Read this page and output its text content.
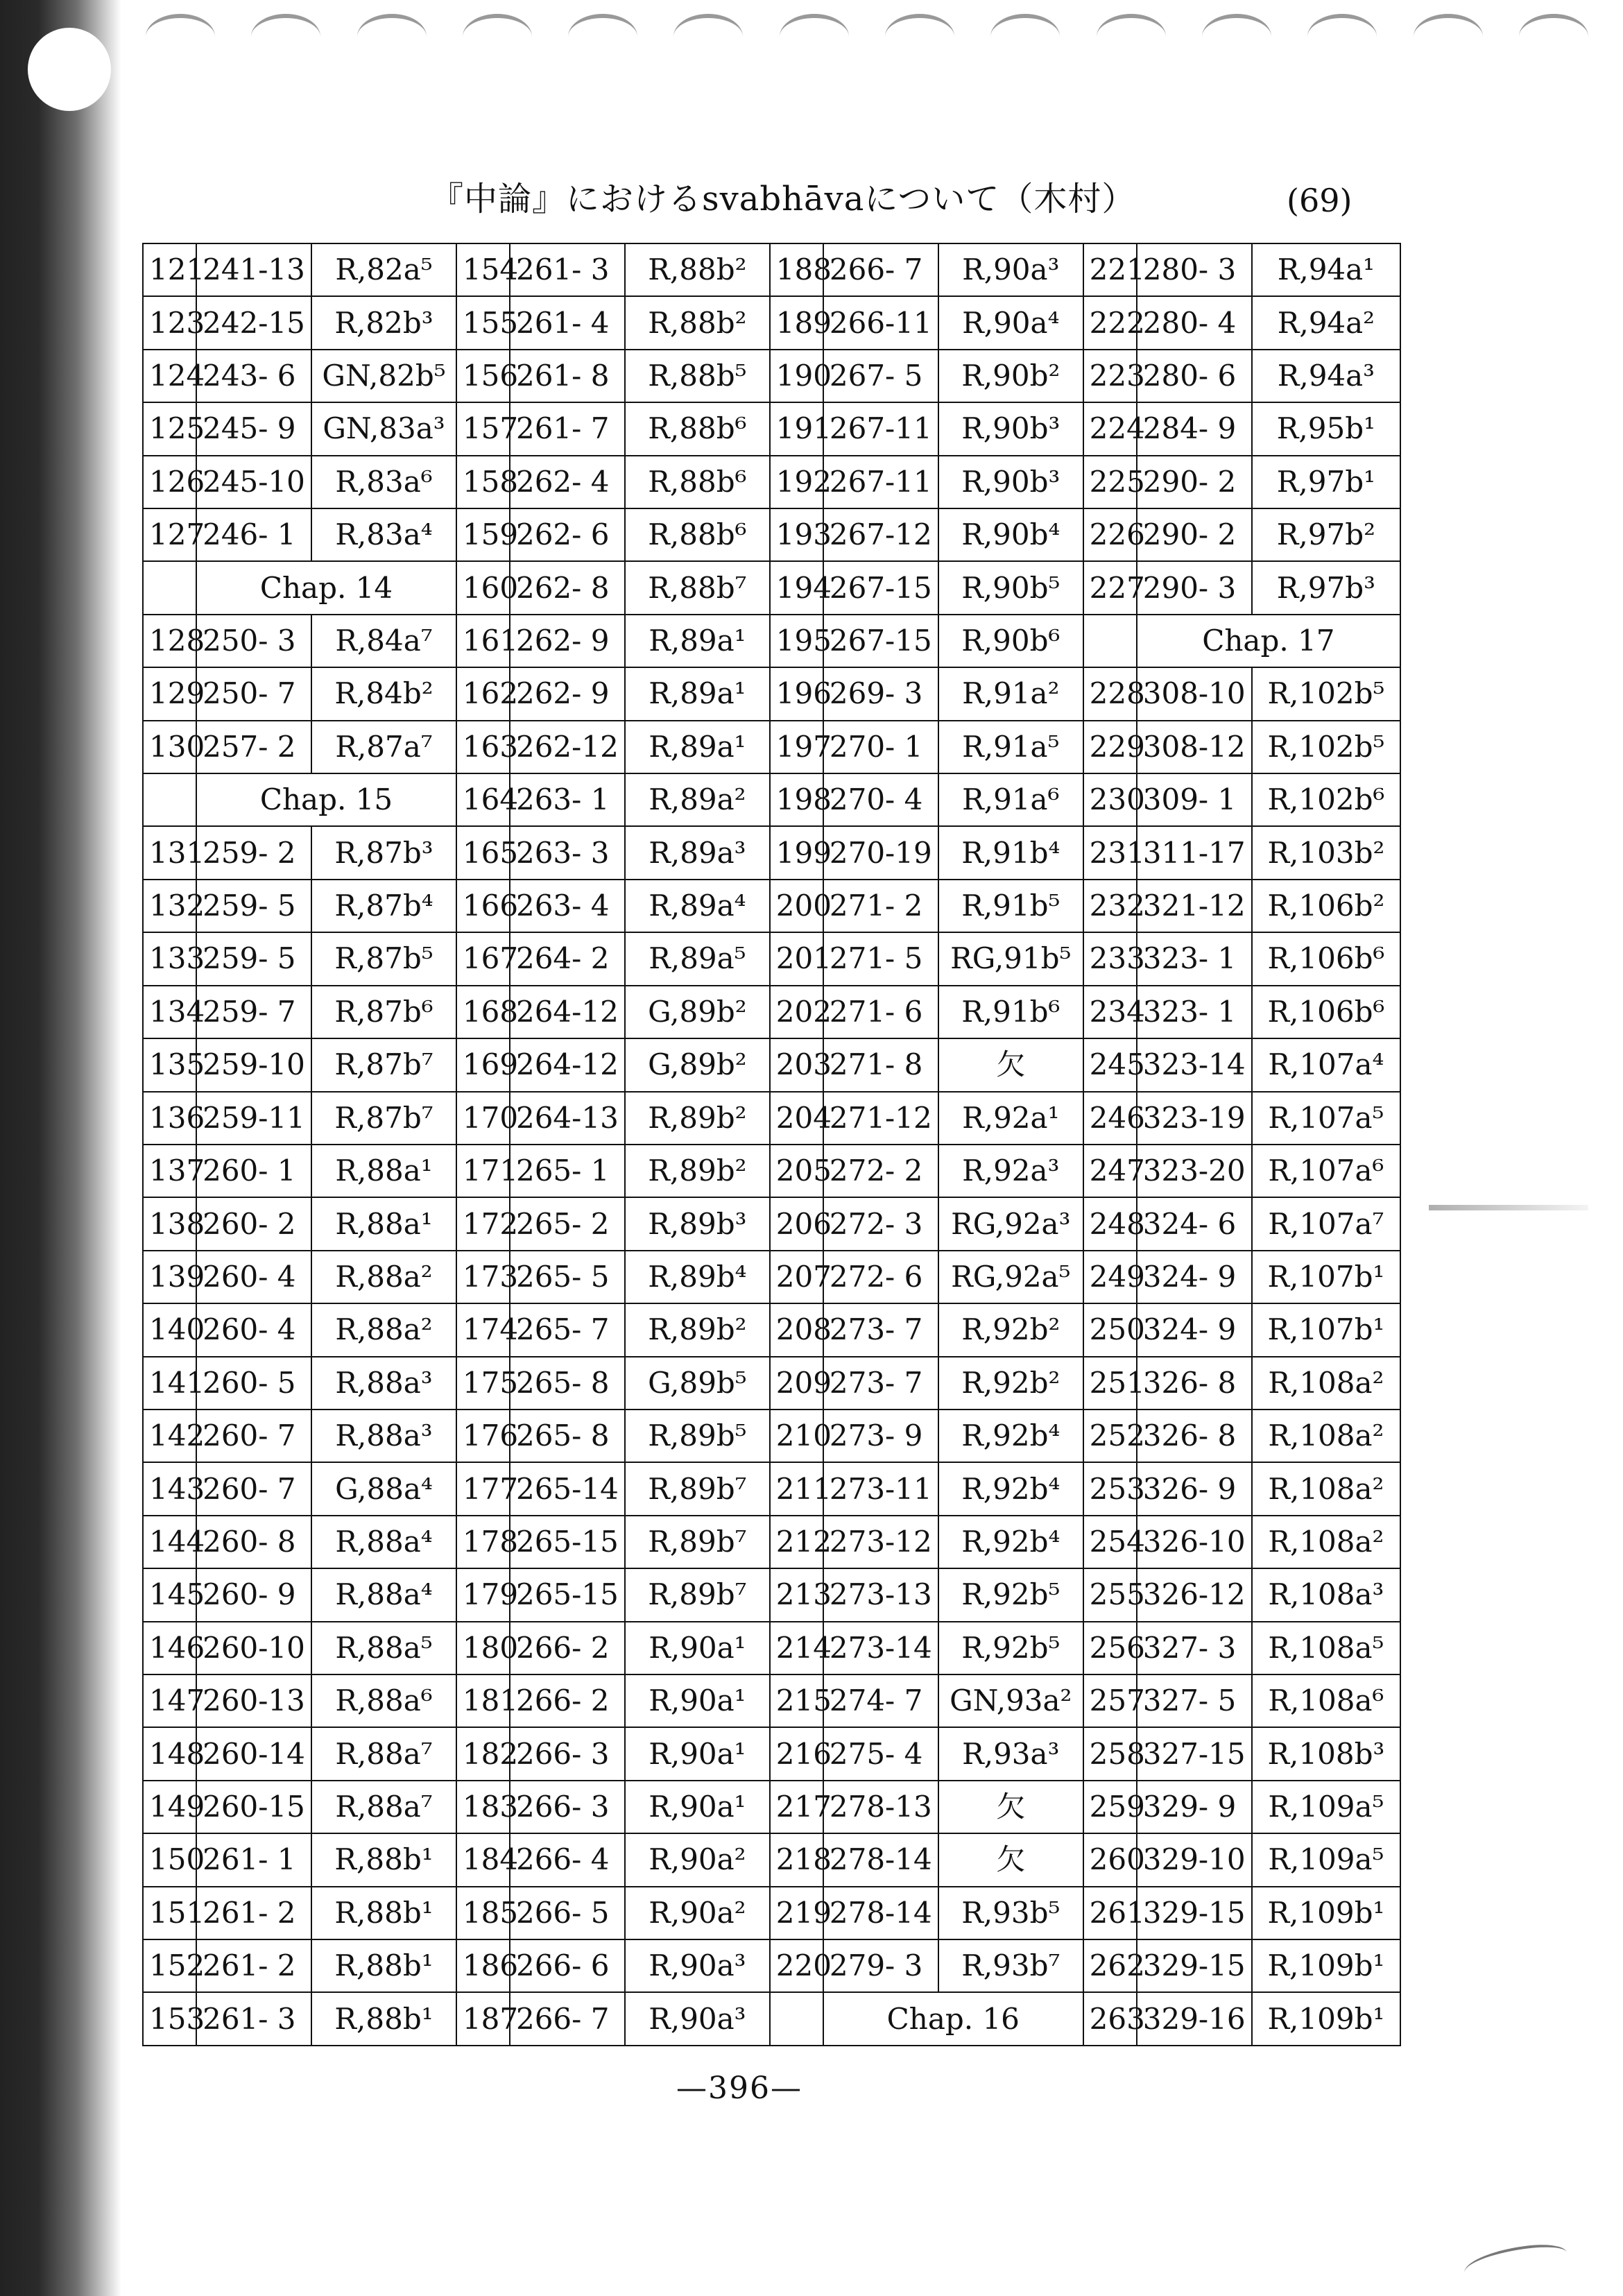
『中論』におけるsvabhāvaについて（木村）	(69)
121	241-13	R,82a⁵	154	261- 3	R,88b²	188	266- 7	R,90a³	221	280- 3	R,94a¹
123	242-15	R,82b³	155	261- 4	R,88b²	189	266-11	R,90a⁴	222	280- 4	R,94a²
124	243- 6	GN,82b⁵	156	261- 8	R,88b⁵	190	267- 5	R,90b²	223	280- 6	R,94a³
125	245- 9	GN,83a³	157	261- 7	R,88b⁶	191	267-11	R,90b³	224	284- 9	R,95b¹
126	245-10	R,83a⁶	158	262- 4	R,88b⁶	192	267-11	R,90b³	225	290- 2	R,97b¹
127	246- 1	R,83a⁴	159	262- 6	R,88b⁶	193	267-12	R,90b⁴	226	290- 2	R,97b²
	Chap. 14		160	262- 8	R,88b⁷	194	267-15	R,90b⁵	227	290- 3	R,97b³
128	250- 3	R,84a⁷	161	262- 9	R,89a¹	195	267-15	R,90b⁶		Chap. 17	
129	250- 7	R,84b²	162	262- 9	R,89a¹	196	269- 3	R,91a²	228	308-10	R,102b⁵
130	257- 2	R,87a⁷	163	262-12	R,89a¹	197	270- 1	R,91a⁵	229	308-12	R,102b⁵
	Chap. 15		164	263- 1	R,89a²	198	270- 4	R,91a⁶	230	309- 1	R,102b⁶
131	259- 2	R,87b³	165	263- 3	R,89a³	199	270-19	R,91b⁴	231	311-17	R,103b²
132	259- 5	R,87b⁴	166	263- 4	R,89a⁴	200	271- 2	R,91b⁵	232	321-12	R,106b²
133	259- 5	R,87b⁵	167	264- 2	R,89a⁵	201	271- 5	RG,91b⁵	233	323- 1	R,106b⁶
134	259- 7	R,87b⁶	168	264-12	G,89b²	202	271- 6	R,91b⁶	234	323- 1	R,106b⁶
135	259-10	R,87b⁷	169	264-12	G,89b²	203	271- 8	欠	245	323-14	R,107a⁴
136	259-11	R,87b⁷	170	264-13	R,89b²	204	271-12	R,92a¹	246	323-19	R,107a⁵
137	260- 1	R,88a¹	171	265- 1	R,89b²	205	272- 2	R,92a³	247	323-20	R,107a⁶
138	260- 2	R,88a¹	172	265- 2	R,89b³	206	272- 3	RG,92a³	248	324- 6	R,107a⁷
139	260- 4	R,88a²	173	265- 5	R,89b⁴	207	272- 6	RG,92a⁵	249	324- 9	R,107b¹
140	260- 4	R,88a²	174	265- 7	R,89b²	208	273- 7	R,92b²	250	324- 9	R,107b¹
141	260- 5	R,88a³	175	265- 8	G,89b⁵	209	273- 7	R,92b²	251	326- 8	R,108a²
142	260- 7	R,88a³	176	265- 8	R,89b⁵	210	273- 9	R,92b⁴	252	326- 8	R,108a²
143	260- 7	G,88a⁴	177	265-14	R,89b⁷	211	273-11	R,92b⁴	253	326- 9	R,108a²
144	260- 8	R,88a⁴	178	265-15	R,89b⁷	212	273-12	R,92b⁴	254	326-10	R,108a²
145	260- 9	R,88a⁴	179	265-15	R,89b⁷	213	273-13	R,92b⁵	255	326-12	R,108a³
146	260-10	R,88a⁵	180	266- 2	R,90a¹	214	273-14	R,92b⁵	256	327- 3	R,108a⁵
147	260-13	R,88a⁶	181	266- 2	R,90a¹	215	274- 7	GN,93a²	257	327- 5	R,108a⁶
148	260-14	R,88a⁷	182	266- 3	R,90a¹	216	275- 4	R,93a³	258	327-15	R,108b³
149	260-15	R,88a⁷	183	266- 3	R,90a¹	217	278-13	欠	259	329- 9	R,109a⁵
150	261- 1	R,88b¹	184	266- 4	R,90a²	218	278-14	欠	260	329-10	R,109a⁵
151	261- 2	R,88b¹	185	266- 5	R,90a²	219	278-14	R,93b⁵	261	329-15	R,109b¹
152	261- 2	R,88b¹	186	266- 6	R,90a³	220	279- 3	R,93b⁷	262	329-15	R,109b¹
153	261- 3	R,88b¹	187	266- 7	R,90a³		Chap. 16		263	329-16	R,109b¹
—396—
